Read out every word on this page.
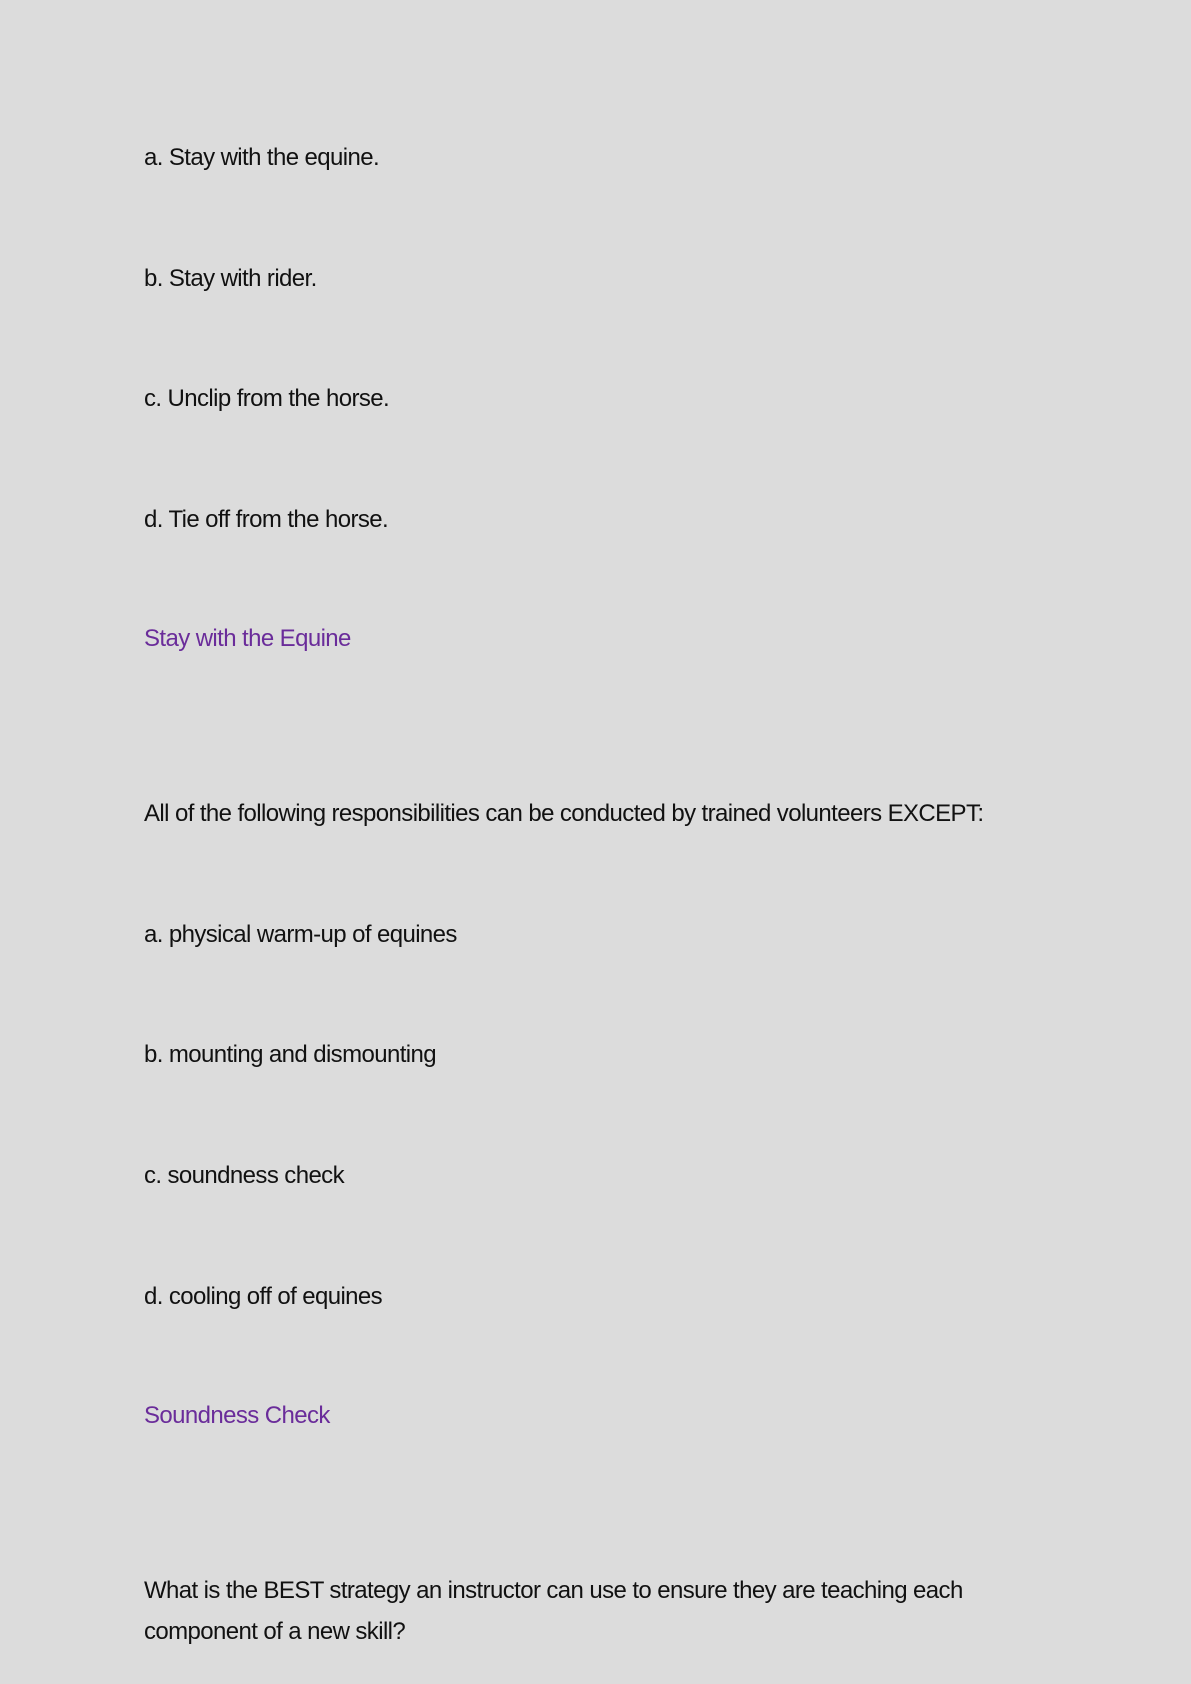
a. Stay with the equine.

b. Stay with rider.

c. Unclip from the horse.

d. Tie off from the horse.

Stay with the Equine

All of the following responsibilities can be conducted by trained volunteers EXCEPT:

a. physical warm-up of equines

b. mounting and dismounting

c. soundness check

d. cooling off of equines

Soundness Check

What is the BEST strategy an instructor can use to ensure they are teaching each

component of a new skill?
